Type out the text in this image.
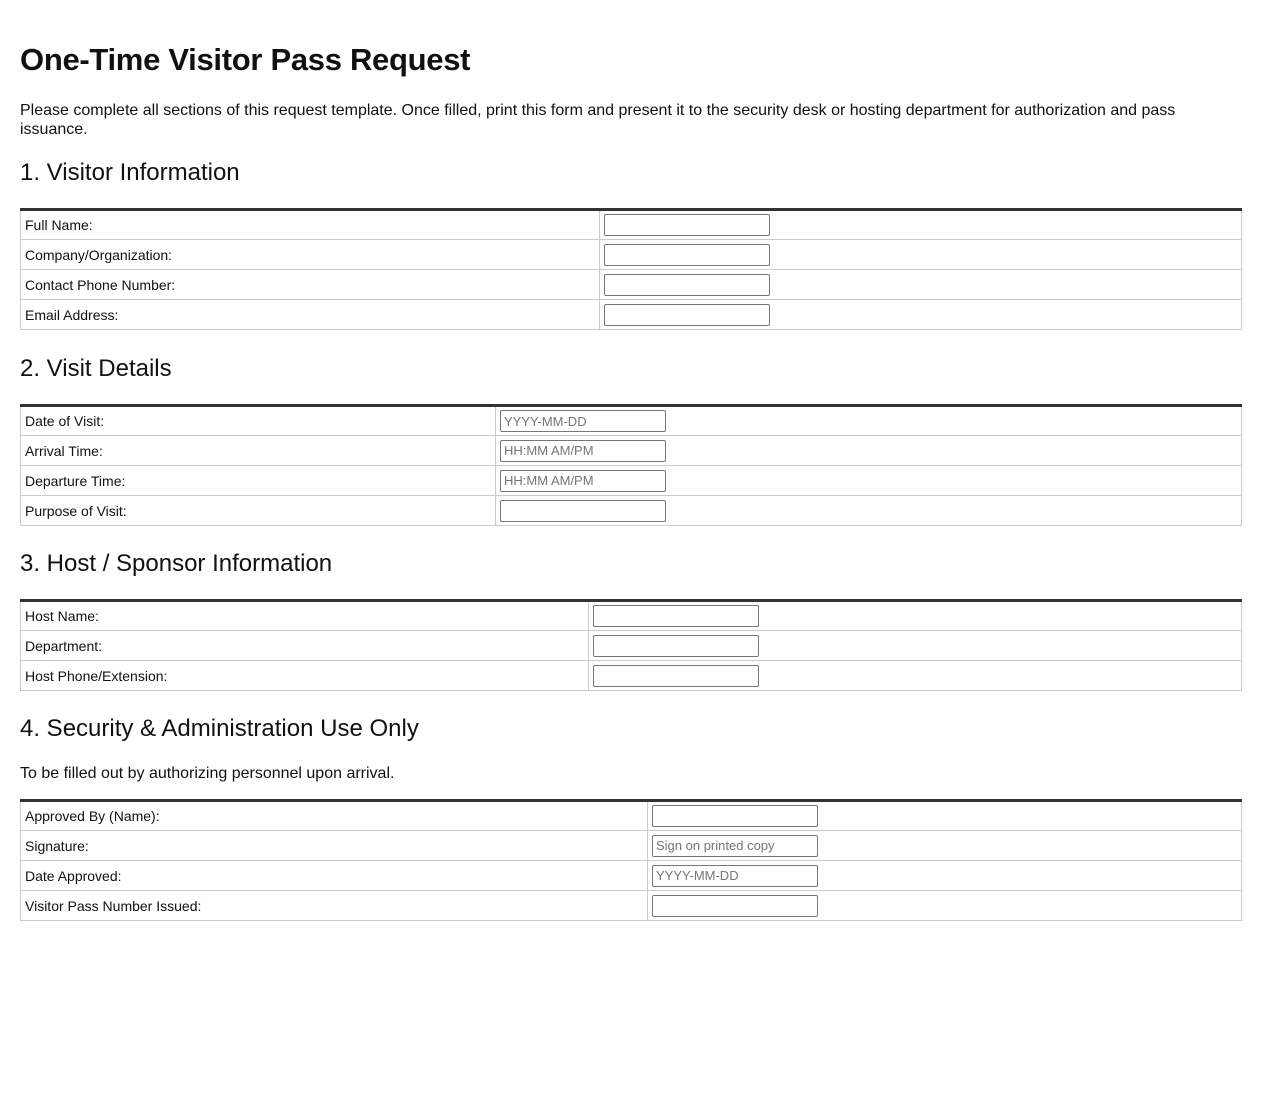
One-Time Visitor Pass Request

Please complete all sections of this request template. Once filled, print this form and present it to the security desk or hosting department for authorization and pass issuance.

1. Visitor Information
Full Name:	

Company/Organization:	

Contact Phone Number:	

Email Address:	
2. Visit Details
Date of Visit:	
YYYY-MM-DD
Arrival Time:	
HH:MM AM/PM
Departure Time:	
HH:MM AM/PM
Purpose of Visit:	
3. Host / Sponsor Information
Host Name:	

Department:	

Host Phone/Extension:	
4. Security & Administration Use Only

To be filled out by authorizing personnel upon arrival.

Approved By (Name):	

Signature:	
Sign on printed copy
Date Approved:	
YYYY-MM-DD
Visitor Pass Number Issued:	
